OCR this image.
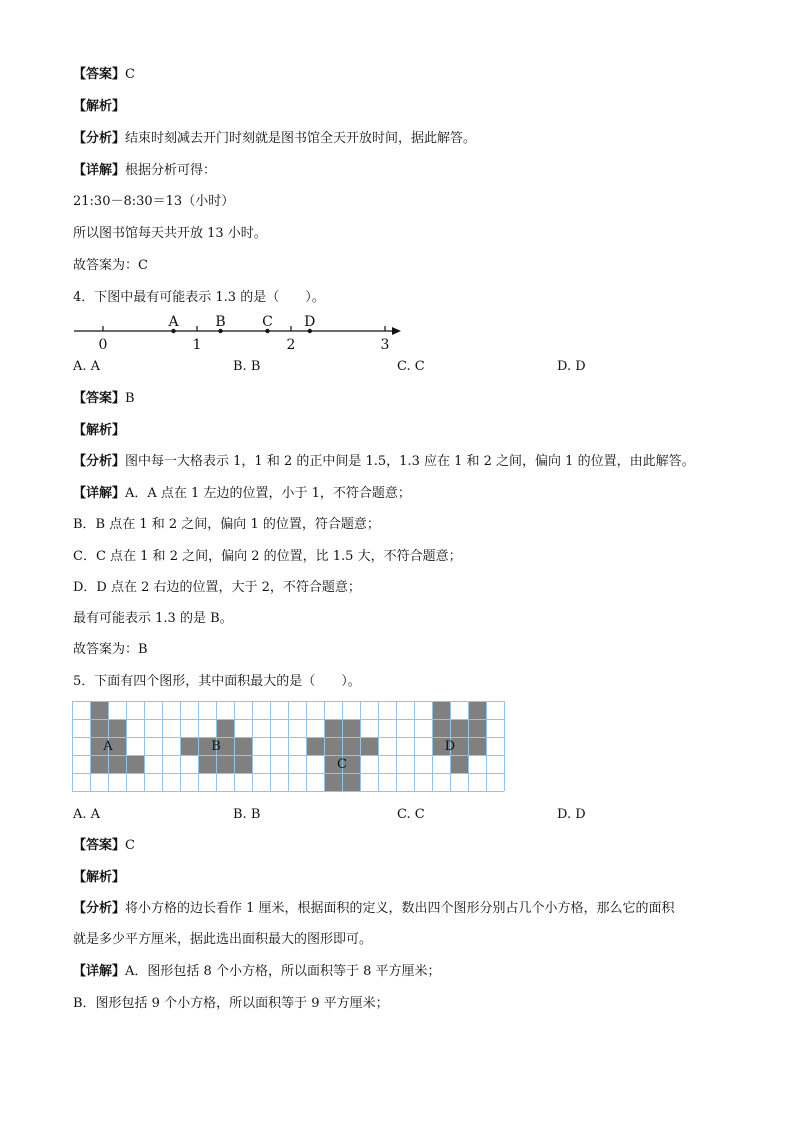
【答案】C
【解析】
【分析】结束时刻减去开门时刻就是图书馆全天开放时间，据此解答。
【详解】根据分析可得：
21:30－8:30＝13（小时）
所以图书馆每天共开放 13 小时。
故答案为：C
4．下图中最有可能表示 1.3 的是（　　）。
0	1	2	3
A	B	C D
A. A	B. B	C. C	D. D
【答案】B
【解析】
【分析】图中每一大格表示 1，1 和 2 的正中间是 1.5，1.3 应在 1 和 2 之间，偏向 1 的位置，由此解答。
【详解】A．A 点在 1 左边的位置，小于 1，不符合题意；
B．B 点在 1 和 2 之间，偏向 1 的位置，符合题意；
C．C 点在 1 和 2 之间，偏向 2 的位置，比 1.5 大，不符合题意；
D．D 点在 2 右边的位置，大于 2，不符合题意；
最有可能表示 1.3 的是 B。
故答案为：B
5．下面有四个图形，其中面积最大的是（　　）。
A	B
C
D
A. A	B. B	C. C	D. D
【答案】C
【解析】
【分析】将小方格的边长看作 1 厘米，根据面积的定义，数出四个图形分别占几个小方格，那么它的面积
就是多少平方厘米，据此选出面积最大的图形即可。
【详解】A．图形包括 8 个小方格，所以面积等于 8 平方厘米；
B．图形包括 9 个小方格，所以面积等于 9 平方厘米；
